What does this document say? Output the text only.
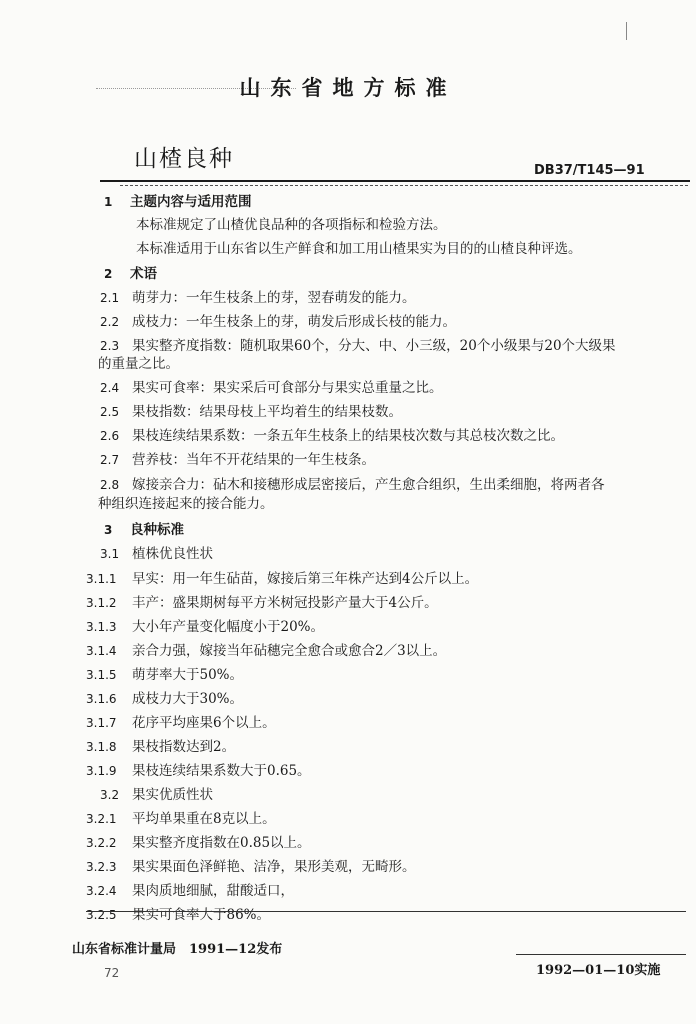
山东省地方标准
山楂良种	DB37/T145—91
1 主题内容与适用范围
本标准规定了山楂优良品种的各项指标和检验方法。
本标准适用于山东省以生产鲜食和加工用山楂果实为目的的山楂良种评选。
2 术语
2.1 萌芽力：一年生枝条上的芽，翌春萌发的能力。
2.2 成枝力：一年生枝条上的芽，萌发后形成长枝的能力。
2.3 果实整齐度指数：随机取果60个，分大、中、小三级，20个小级果与20个大级果
的重量之比。
2.4 果实可食率：果实采后可食部分与果实总重量之比。
2.5 果枝指数：结果母枝上平均着生的结果枝数。
2.6 果枝连续结果系数：一条五年生枝条上的结果枝次数与其总枝次数之比。
2.7 营养枝：当年不开花结果的一年生枝条。
2.8 嫁接亲合力：砧木和接穗形成层密接后，产生愈合组织，生出柔细胞，将两者各
种组织连接起来的接合能力。
3 良种标准
3.1 植株优良性状
3.1.1 早实：用一年生砧苗，嫁接后第三年株产达到4公斤以上。
3.1.2 丰产：盛果期树每平方米树冠投影产量大于4公斤。
3.1.3 大小年产量变化幅度小于20%。
3.1.4 亲合力强，嫁接当年砧穗完全愈合或愈合2／3以上。
3.1.5 萌芽率大于50%。
3.1.6 成枝力大于30%。
3.1.7 花序平均座果6个以上。
3.1.8 果枝指数达到2。
3.1.9 果枝连续结果系数大于0.65。
3.2 果实优质性状
3.2.1 平均单果重在8克以上。
3.2.2 果实整齐度指数在0.85以上。
3.2.3 果实果面色泽鲜艳、洁净，果形美观，无畸形。
3.2.4 果肉质地细腻，甜酸适口，
3.2.5 果实可食率大于86%。
山东省标准计量局　1991—12发布
1992—01—10实施
72
